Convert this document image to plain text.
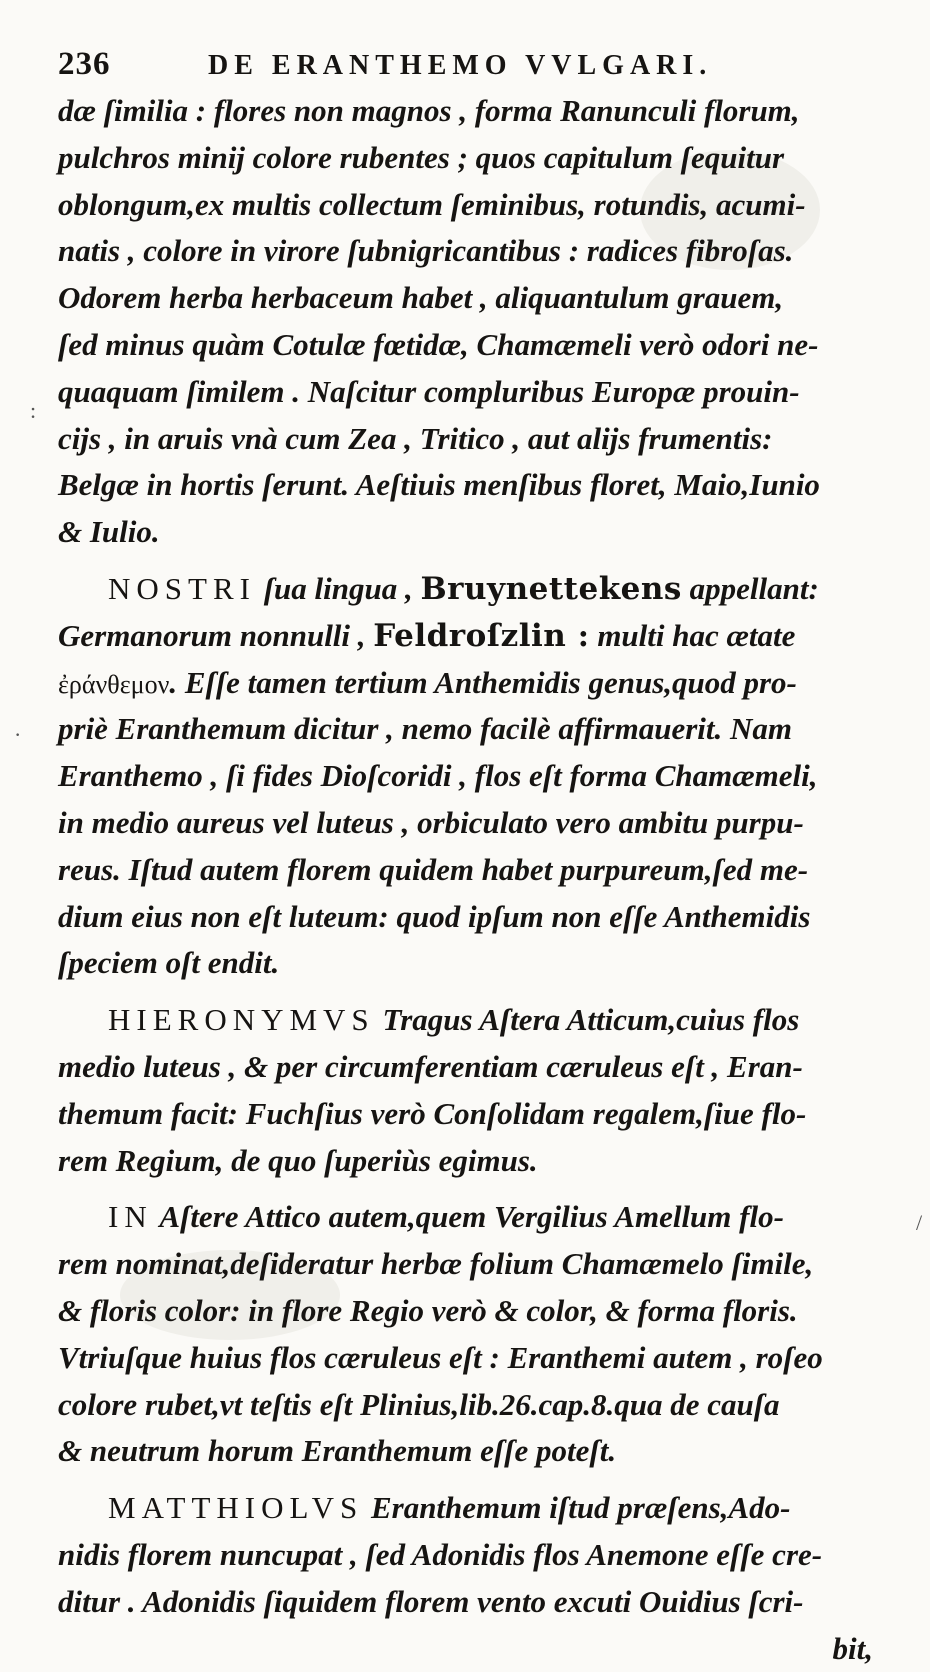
236	DE ERANTHEMO VVLGARI.
:
·
/
dæ ſimilia : flores non magnos , forma Ranunculi florum,
pulchros minij colore rubentes ; quos capitulum ſequitur
oblongum,ex multis collectum ſeminibus, rotundis, acumi-
natis , colore in virore ſubnigricantibus : radices fibroſas.
Odorem herba herbaceum habet , aliquantulum grauem,
ſed minus quàm Cotulæ fœtidæ, Chamæmeli verò odori ne-
quaquam ſimilem . Naſcitur compluribus Europæ prouin-
cijs , in aruis vnà cum Zea , Tritico , aut alijs frumentis:
Belgæ in hortis ſerunt. Aeſtiuis menſibus floret, Maio,Iunio
& Iulio.
NOSTRI ſua lingua , Bruynettekens appellant:
Germanorum nonnulli , Feldroſzlin : multi hac ætate
ἐράνθεμον. Eſſe tamen tertium Anthemidis genus,quod pro-
priè Eranthemum dicitur , nemo facilè affirmauerit. Nam
Eranthemo , ſi fides Dioſcoridi , flos eſt forma Chamæmeli,
in medio aureus vel luteus , orbiculato vero ambitu purpu-
reus. Iſtud autem florem quidem habet purpureum,ſed me-
dium eius non eſt luteum: quod ipſum non eſſe Anthemidis
ſpeciem oſt endit.
HIERONYMVS Tragus Aſtera Atticum,cuius flos
medio luteus , & per circumferentiam cæruleus eſt , Eran-
themum facit: Fuchſius verò Conſolidam regalem,ſiue flo-
rem Regium, de quo ſuperiùs egimus.
IN Aſtere Attico autem,quem Vergilius Amellum flo-
rem nominat,deſideratur herbæ folium Chamæmelo ſimile,
& floris color: in flore Regio verò & color, & forma floris.
Vtriuſque huius flos cæruleus eſt : Eranthemi autem , roſeo
colore rubet,vt teſtis eſt Plinius,lib.26.cap.8.qua de cauſa
& neutrum horum Eranthemum eſſe poteſt.
MATTHIOLVS Eranthemum iſtud præſens,Ado-
nidis florem nuncupat , ſed Adonidis flos Anemone eſſe cre-
ditur . Adonidis ſiquidem florem vento excuti Ouidius ſcri-
bit,
